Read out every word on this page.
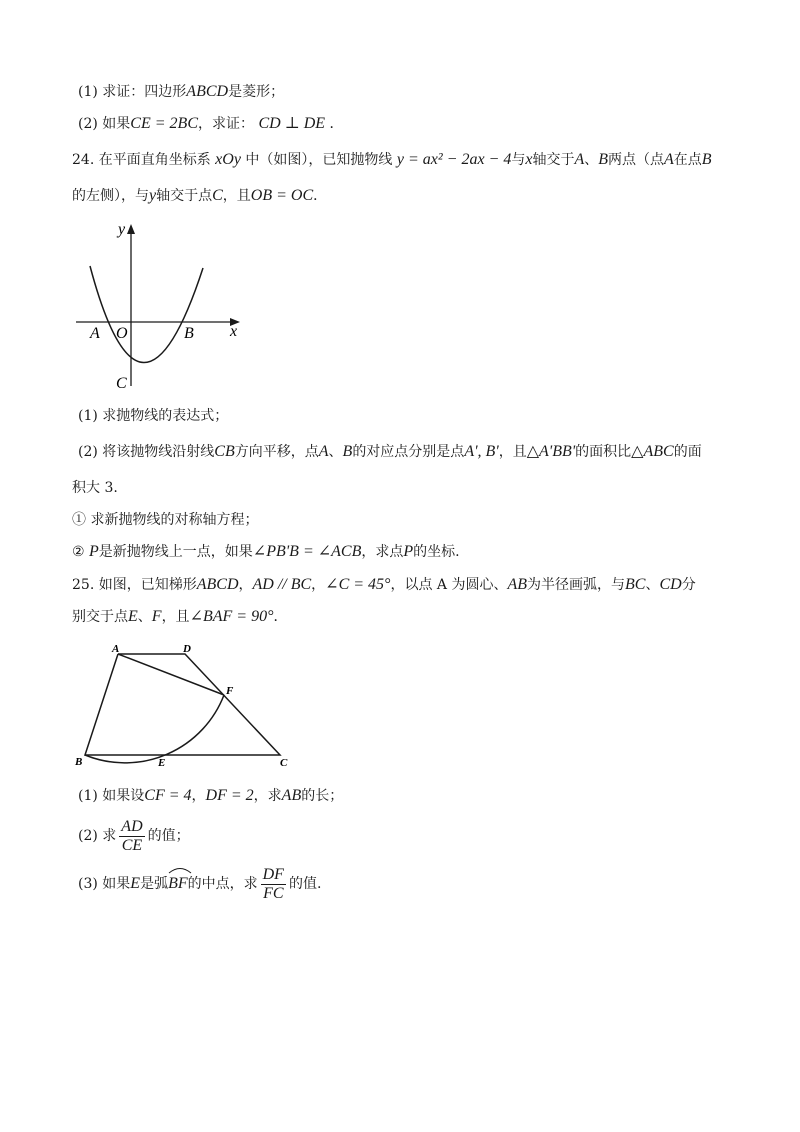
(1) 求证：四边形ABCD是菱形；
(2) 如果CE = 2BC，求证： CD ⊥ DE ．
24. 在平面直角坐标系 xOy 中（如图），已知抛物线 y = ax² − 2ax − 4与x轴交于A、B两点（点A在点B
的左侧），与y轴交于点C，且OB = OC．
y
x
A O	B
C
(1) 求抛物线的表达式；
(2) 将该抛物线沿射线CB方向平移，点A、B的对应点分别是点A', B'，且△A'BB'的面积比△ABC的面
积大 3.
① 求新抛物线的对称轴方程；
② P是新抛物线上一点，如果∠PB'B = ∠ACB，求点P的坐标.
25. 如图，已知梯形ABCD，AD // BC，∠C = 45°，以点 A 为圆心、AB为半径画弧，与BC、CD分
别交于点E、F，且∠BAF = 90°．
A	D
F
B	E	C
(1) 如果设CF = 4，DF = 2，求AB的长；
(2) 求 $\frac{AD}{CE}$ 的值；
(3) 如果E是弧
BF的中点，求 $\frac{DF}{FC}$ 的值.
